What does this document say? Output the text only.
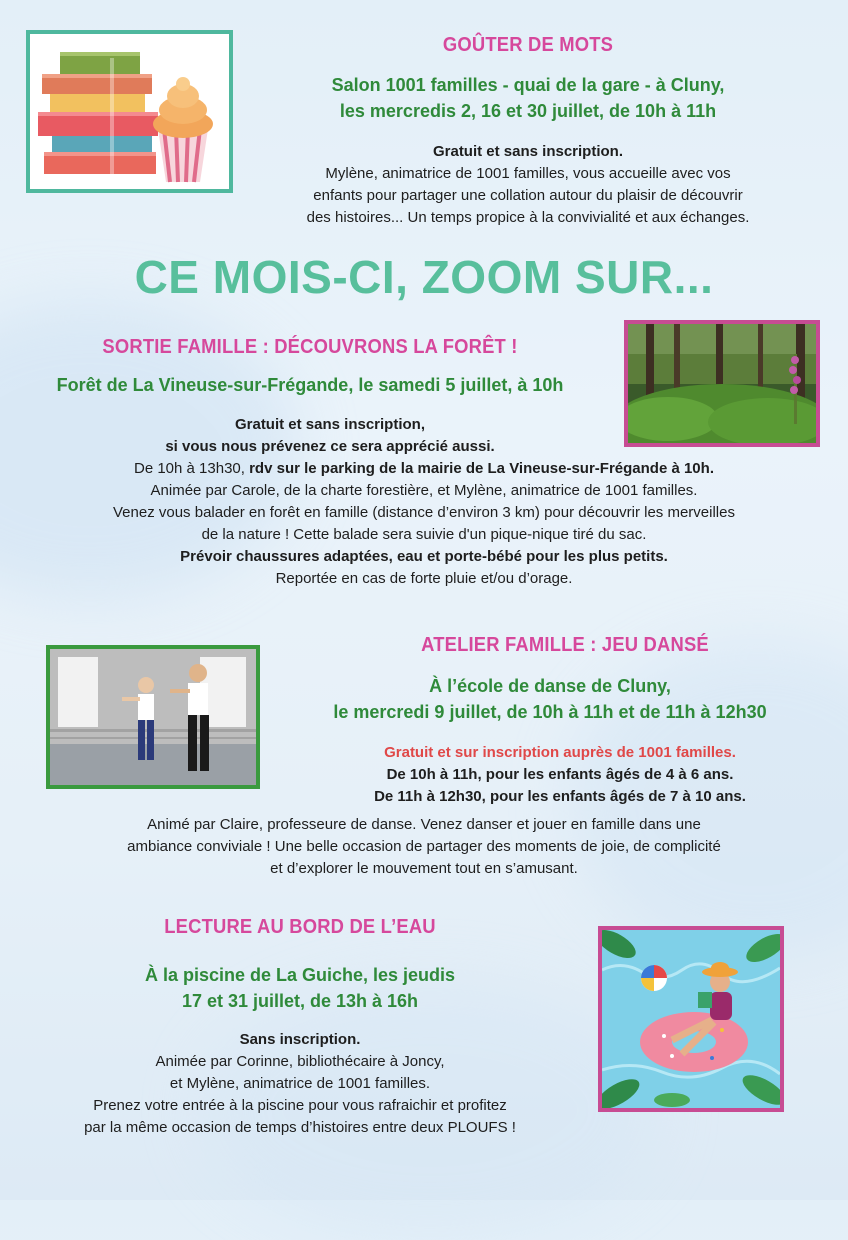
GOÛTER DE MOTS
Salon 1001 familles - quai de la gare - à Cluny,
les mercredis 2, 16 et 30 juillet, de 10h à 11h
Gratuit et sans inscription.
Mylène, animatrice de 1001 familles, vous accueille avec vos
enfants pour partager une collation autour du plaisir de découvrir
des histoires... Un temps propice à la convivialité et aux échanges.
CE MOIS-CI, ZOOM SUR...
SORTIE FAMILLE : DÉCOUVRONS LA FORÊT !
Forêt de La Vineuse-sur-Frégande, le samedi 5 juillet, à 10h
Gratuit et sans inscription,
si vous nous prévenez ce sera apprécié aussi.
De 10h à 13h30, rdv sur le parking de la mairie de La Vineuse-sur-Frégande à 10h.
Animée par Carole, de la charte forestière, et Mylène, animatrice de 1001 familles.
Venez vous balader en forêt en famille (distance d’environ 3 km) pour découvrir les merveilles
de la nature ! Cette balade sera suivie d'un pique-nique tiré du sac.
Prévoir chaussures adaptées, eau et porte-bébé pour les plus petits.
Reportée en cas de forte pluie et/ou d’orage.
ATELIER FAMILLE : JEU DANSÉ
À l’école de danse de Cluny,
le mercredi 9 juillet, de 10h à 11h et de 11h à 12h30
Gratuit et sur inscription auprès de 1001 familles.
De 10h à 11h, pour les enfants âgés de 4 à 6 ans.
De 11h à 12h30, pour les enfants âgés de 7 à 10 ans.
Animé par Claire, professeure de danse. Venez danser et jouer en famille dans une
ambiance conviviale ! Une belle occasion de partager des moments de joie, de complicité
et d’explorer le mouvement tout en s’amusant.
LECTURE AU BORD DE L’EAU
À la piscine de La Guiche, les jeudis
17 et 31 juillet, de 13h à 16h
Sans inscription.
Animée par Corinne, bibliothécaire à Joncy,
et Mylène, animatrice de 1001 familles.
Prenez votre entrée à la piscine pour vous rafraichir et profitez
par la même occasion de temps d’histoires entre deux PLOUFS !
